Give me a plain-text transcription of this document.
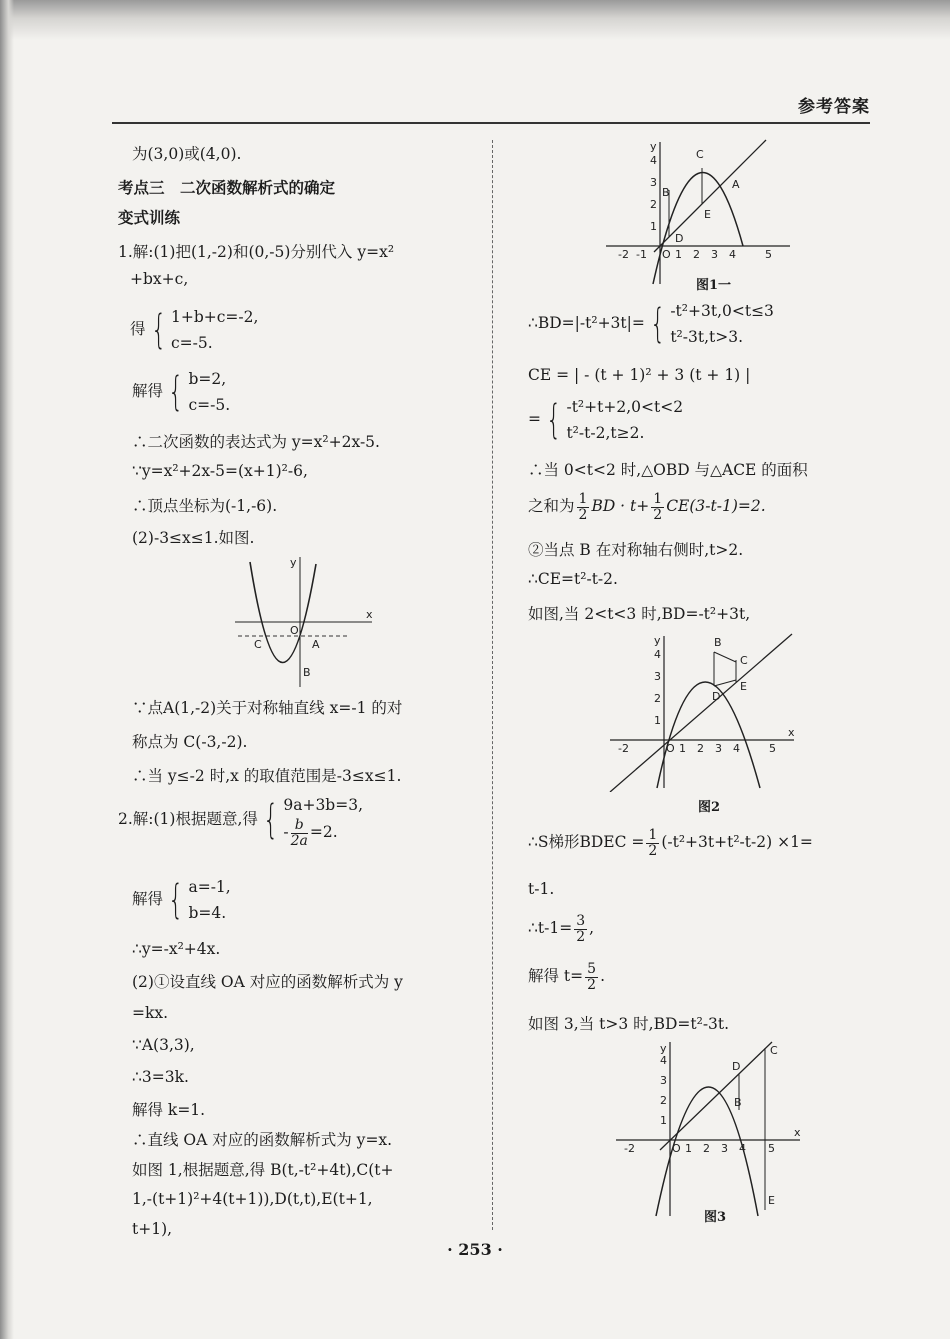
参考答案
为(3,0)或(4,0).
考点三　二次函数解析式的确定
变式训练
1.解:(1)把(1,-2)和(0,-5)分别代入 y=x²
+bx+c,
得 { 1+b+c=-2,
c=-5.
解得 { b=2,
c=-5.
∴二次函数的表达式为 y=x²+2x-5.
∵y=x²+2x-5=(x+1)²-6,
∴顶点坐标为(-1,-6).
(2)-3≤x≤1.如图.
∵点A(1,-2)关于对称轴直线 x=-1 的对
称点为 C(-3,-2).
∴当 y≤-2 时,x 的取值范围是-3≤x≤1.
2.解:(1)根据题意,得 { 9a+3b=3,
- $\frac{b}{2a} =2$.
解得 { a=-1,
b=4.
∴y=-x²+4x.
(2)①设直线 OA 对应的函数解析式为 y
=kx.
∵A(3,3),
∴3=3k.
解得 k=1.
∴直线 OA 对应的函数解析式为 y=x.
如图 1,根据题意,得 B(t,-t²+4t),C(t+
1,-(t+1)²+4(t+1)),D(t,t),E(t+1,
t+1),
x
y
O
C	A
B
∴BD=|-t²+3t|= { -t²+3t,0<t≤3
t²-3t,t>3.
CE = | - (t + 1)² + 3 (t + 1) |
= { -t²+t+2,0<t<2
t²-t-2,t≥2.
∴当 0<t<2 时,△OBD 与△ACE 的面积
之和为 $\frac{1}{2}$ BD · $t+ \frac{1}{2} CE(3-t-1)=2$.
②当点 B 在对称轴右侧时,t>2.
∴CE=t²-t-2.
如图,当 2<t<3 时,BD=-t²+3t,
∴S梯形BDEC = $\frac{1}{2} (-t^2+3t+t^2-t-2) \times 1=$
t-1.
∴t-1= $\frac{3}{2}$ ,
解得 $t= \frac{5}{2}$ .
如图 3,当 t>3 时,BD=t²-3t.
y
O
-2 -1	1 2 3 4	5
1
2
3
4	C
A
B
E
D
图1一
x
y
O
-2	1 2 3 4	5
1
2
3
4
B
C
E
D
图2
x
y
O
-2	1 2 3 4 5
1
2
3
4
C
D
B
E
图3
· 253 ·
